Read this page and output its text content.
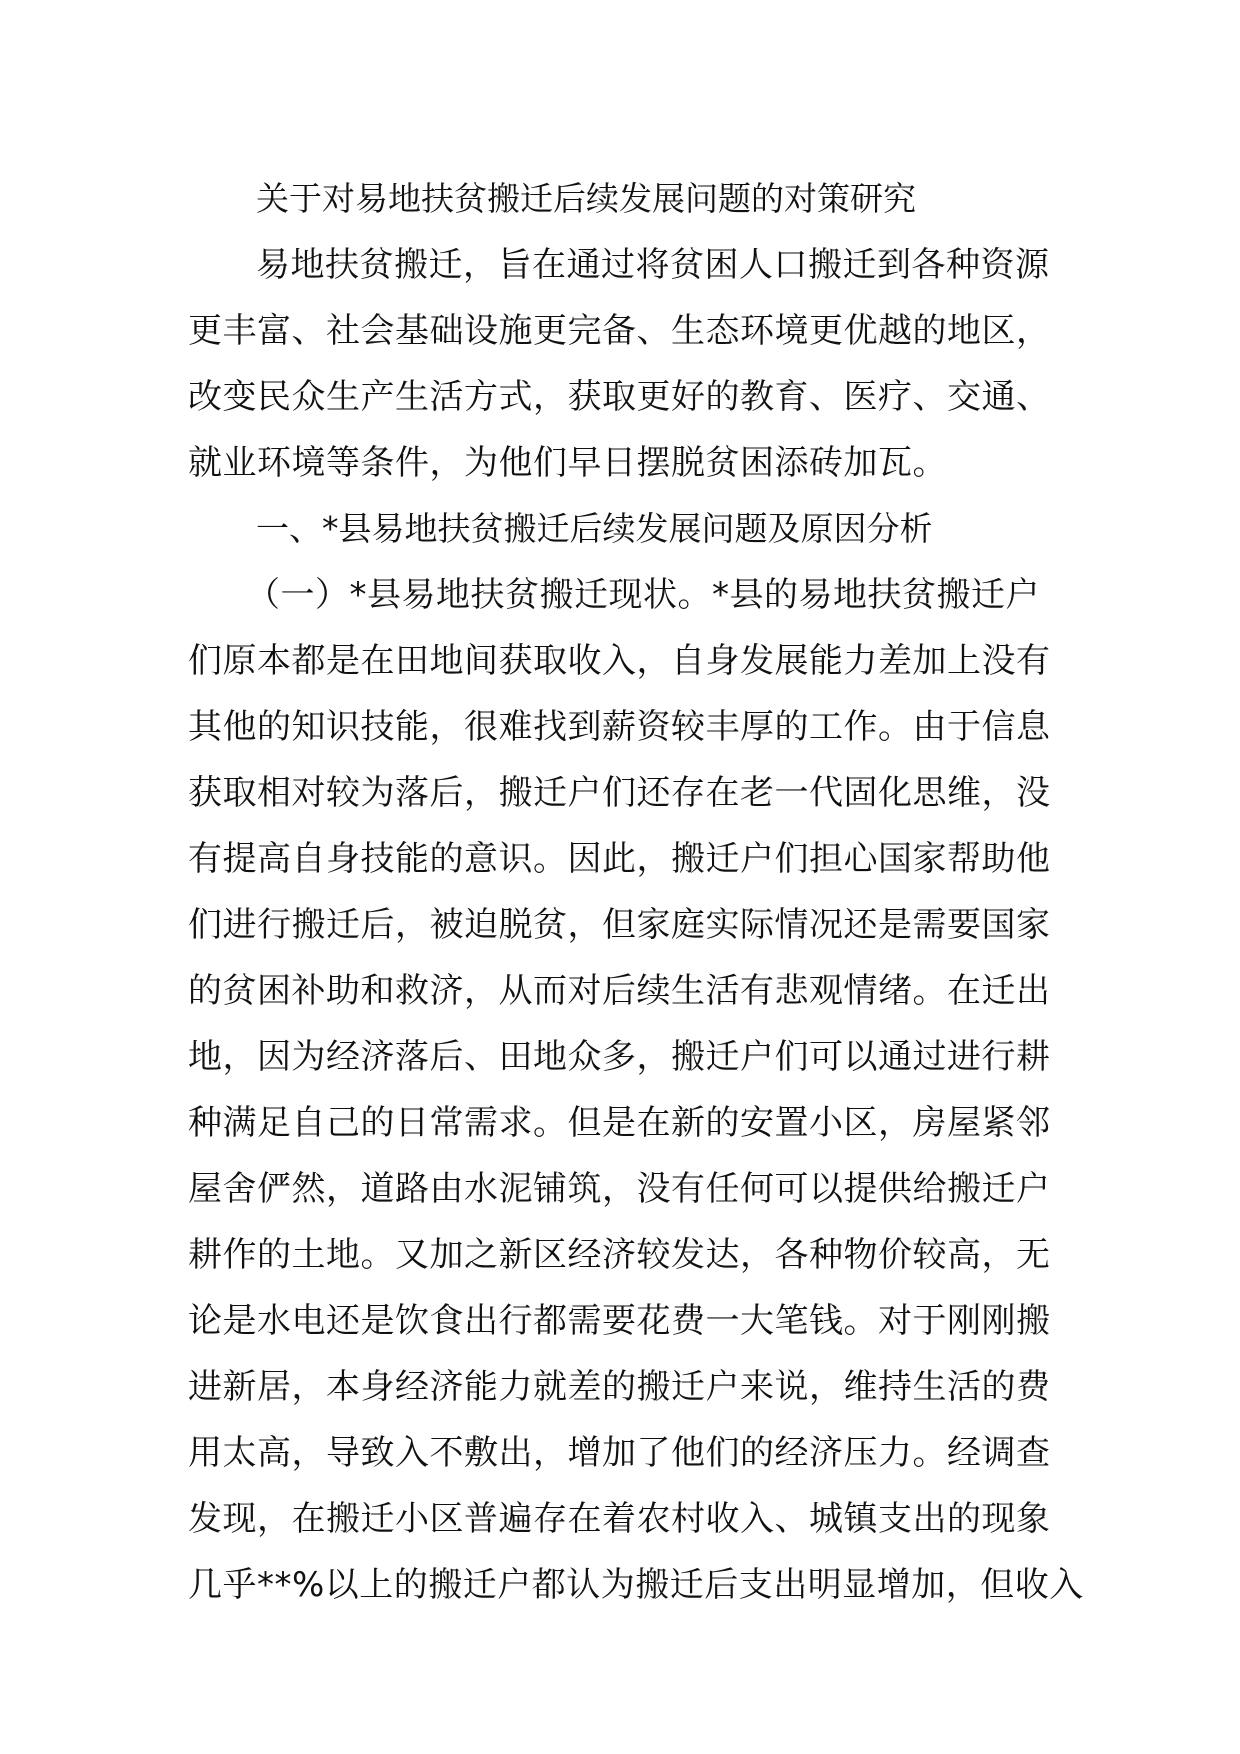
关于对易地扶贫搬迁后续发展问题的对策研究
易地扶贫搬迁，旨在通过将贫困人口搬迁到各种资源
更丰富、社会基础设施更完备、生态环境更优越的地区，
改变民众生产生活方式，获取更好的教育、医疗、交通、
就业环境等条件，为他们早日摆脱贫困添砖加瓦。
一、*县易地扶贫搬迁后续发展问题及原因分析
（一）*县易地扶贫搬迁现状。*县的易地扶贫搬迁户
们原本都是在田地间获取收入，自身发展能力差加上没有
其他的知识技能，很难找到薪资较丰厚的工作。由于信息
获取相对较为落后，搬迁户们还存在老一代固化思维，没
有提高自身技能的意识。因此，搬迁户们担心国家帮助他
们进行搬迁后，被迫脱贫，但家庭实际情况还是需要国家
的贫困补助和救济，从而对后续生活有悲观情绪。在迁出
地，因为经济落后、田地众多，搬迁户们可以通过进行耕
种满足自己的日常需求。但是在新的安置小区，房屋紧邻
屋舍俨然，道路由水泥铺筑，没有任何可以提供给搬迁户
耕作的土地。又加之新区经济较发达，各种物价较高，无
论是水电还是饮食出行都需要花费一大笔钱。对于刚刚搬
进新居，本身经济能力就差的搬迁户来说，维持生活的费
用太高，导致入不敷出，增加了他们的经济压力。经调查
发现，在搬迁小区普遍存在着农村收入、城镇支出的现象
几乎**%以上的搬迁户都认为搬迁后支出明显增加，但收入
